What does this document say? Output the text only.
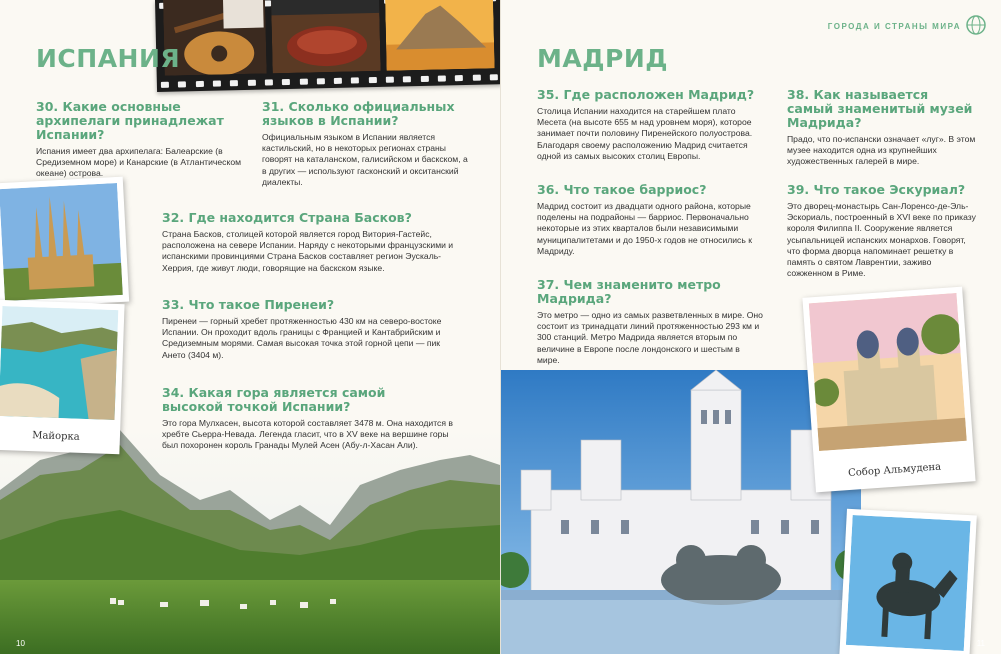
ИСПАНИЯ
30. Какие основные архипелаги принадлежат Испании?
Испания имеет два архипелага: Балеарские (в Средиземном море) и Канарские (в Атлантическом океане) острова.
31. Сколько официальных языков в Испании?
Официальным языком в Испании является кастильский, но в некоторых регионах страны говорят на каталанском, галисийском и баскском, а в других — используют гасконский и окситанский диалекты.
Майорка
32. Где находится Страна Басков?
Страна Басков, столицей которой является город Витория-Гастейс, расположена на севере Испании. Наряду с некоторыми французскими и испанскими провинциями Страна Басков составляет регион Эускаль-Херрия, где живут люди, говорящие на баскском языке.
33. Что такое Пиренеи?
Пиренеи — горный хребет протяженностью 430 км на северо-востоке Испании. Он проходит вдоль границы с Францией и Кантабрийским и Средиземным морями. Самая высокая точка этой горной цепи — пик Aнето (3404 м).
34. Какая гора является самой высокой точкой Испании?
Это гора Мулхасен, высота которой составляет 3478 м. Она находится в хребте Сьерра-Невада. Легенда гласит, что в XV веке на вершине горы был похоронен король Гранады Мулей Асен (Абу-л-Хасан Али).
10
ГОРОДА И СТРАНЫ МИРА
МАДРИД
35. Где расположен Мадрид?
Столица Испании находится на старейшем плато Месета (на высоте 655 м над уровнем моря), которое занимает почти половину Пиренейского полуострова. Благодаря своему расположению Мадрид считается одной из самых высоких столиц Европы.
36. Что такое барриос?
Мадрид состоит из двадцати одного района, которые поделены на подрайоны — барриос. Первоначально некоторые из этих кварталов были независимыми муниципалитетами и до 1950-х годов не относились к Мадриду.
37. Чем знаменито метро Мадрида?
Это метро — одно из самых разветвленных в мире. Оно состоит из тринадцати линий протяженностью 293 км и 300 станций. Метро Мадрида является вторым по величине в Европе после лондонского и шестым в мире.
38. Как называется самый знаменитый музей Мадрида?
Прадо, что по-испански означает «луг». В этом музее находится одна из крупнейших художественных галерей в мире.
39. Что такое Эскуриал?
Это дворец-монастырь Сан-Лоренсо-де-Эль-Эскориаль, построенный в XVI веке по приказу короля Филиппа II. Сооружение является усыпальницей испанских монархов. Говорят, что форма дворца напоминает решетку в память о святом Лаврентии, заживо сожженном в Риме.
Собор Альмудена
11
